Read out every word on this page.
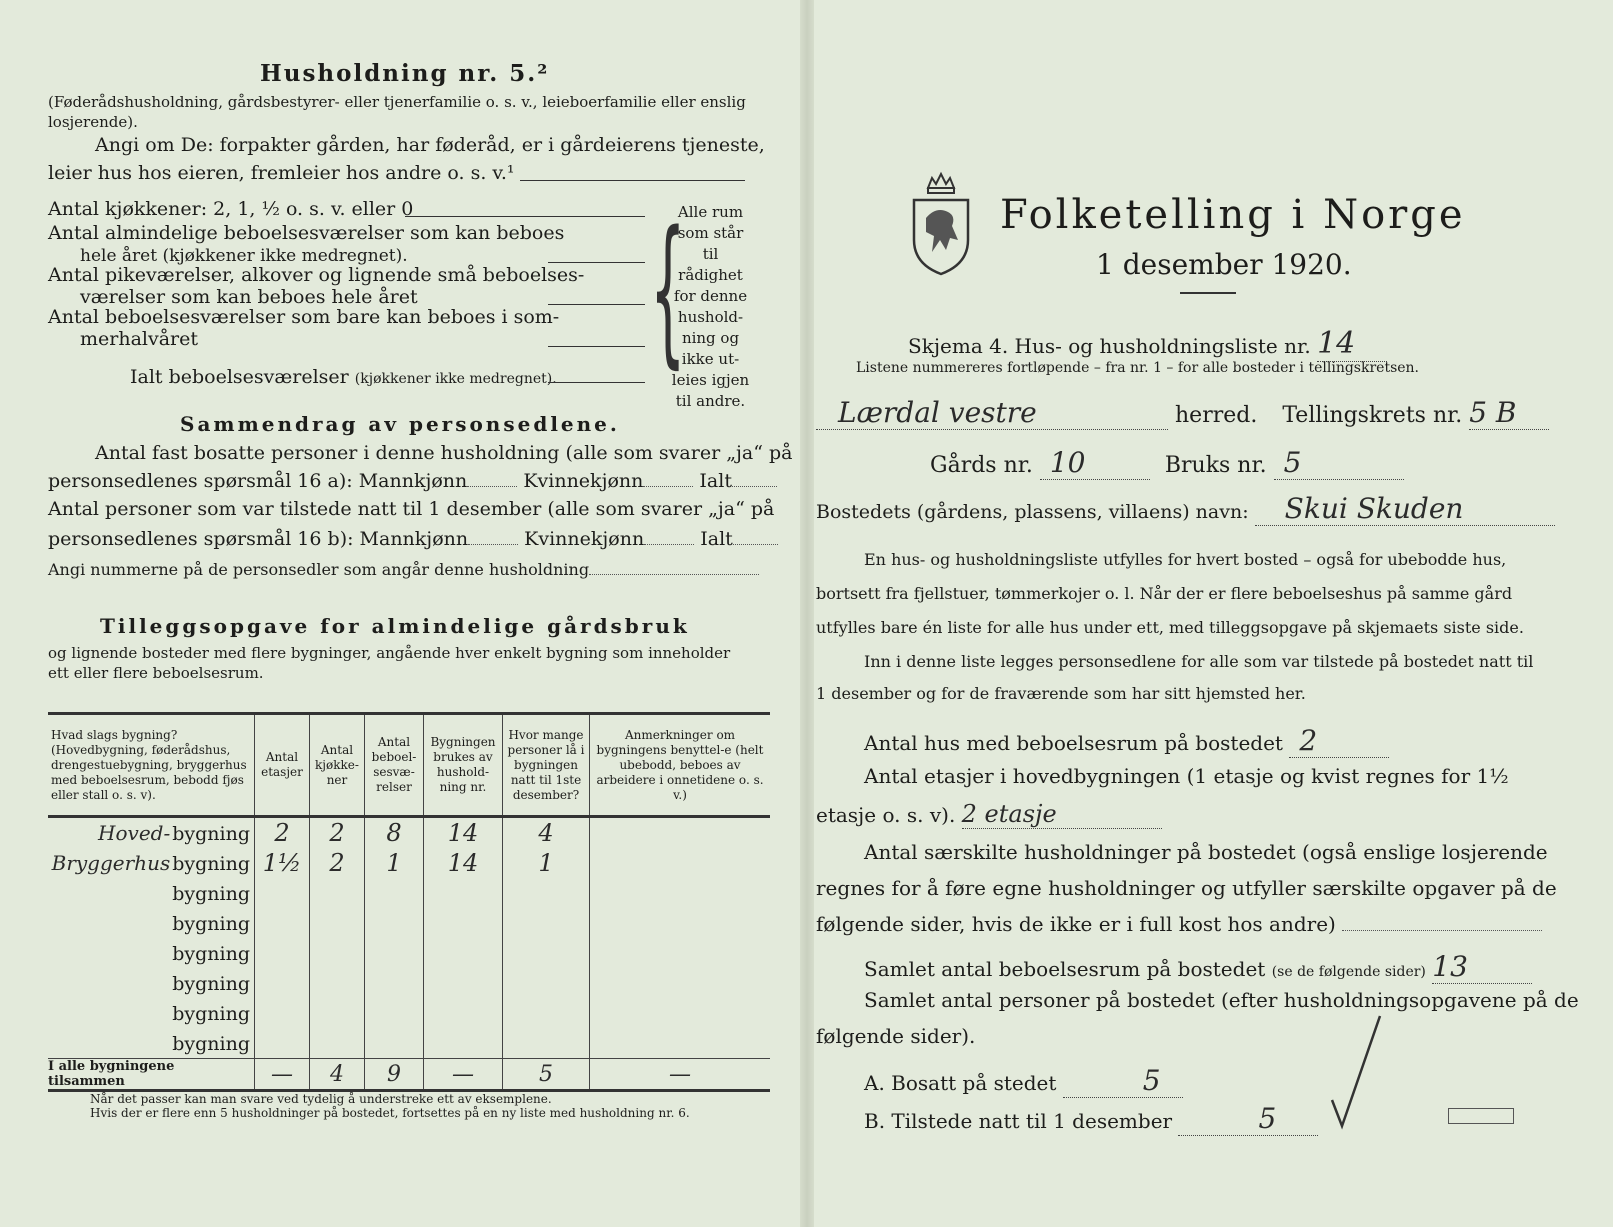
Husholdning nr. 5.²
(Føderådshusholdning, gårdsbestyrer- eller tjenerfamilie o. s. v., leieboerfamilie eller enslig losjerende).
Angi om De: forpakter gården, har føderåd, er i gårdeierens tjeneste,
leier hus hos eieren, fremleier hos andre o. s. v.¹
Antal kjøkkener: 2, 1, ½ o. s. v. eller 0
Antal almindelige beboelsesværelser som kan beboes
hele året (kjøkkener ikke medregnet).
Antal pikeværelser, alkover og lignende små beboelses-
værelser som kan beboes hele året
Antal beboelsesværelser som bare kan beboes i som-
merhalvåret
Ialt beboelsesværelser (kjøkkener ikke medregnet). {
Alle rum
som står til
rådighet
for denne
hushold-
ning og
ikke ut-
leies igjen
til andre.
Sammendrag av personsedlene.
Antal fast bosatte personer i denne husholdning (alle som svarer „ja“ på
personsedlenes spørsmål 16 a): Mannkjønn	Kvinnekjønn	Ialt
Antal personer som var tilstede natt til 1 desember (alle som svarer „ja“ på
personsedlenes spørsmål 16 b): Mannkjønn	Kvinnekjønn	Ialt
Angi nummerne på de personsedler som angår denne husholdning
Tilleggsopgave for almindelige gårdsbruk
og lignende bosteder med flere bygninger, angående hver enkelt bygning som inneholder
ett eller flere beboelsesrum.
Hvad slags bygning? (Hovedbygning, føderådshus, drengestuebygning, bryggerhus med beboelsesrum, bebodd fjøs eller stall o. s. v).	Antal etasjer	Antal kjøkke-ner	Antal beboel-sesvæ-relser	Bygningen brukes av hushold-ning nr.	Hvor mange personer lå i bygningen natt til 1ste desember?	Anmerkninger om bygningens benyttel-e (helt ubebodd, beboes av arbeidere i onnetidene o. s. v.)
Hoved- bygning	2	2	8	14	4	
Bryggerhus bygning	1½	2	1	14	1	
bygning						
bygning						
bygning						
bygning						
bygning						
bygning						
I alle bygningene tilsammen	—	4	9	—	5	—
Når det passer kan man svare ved tydelig å understreke ett av eksemplene.
Hvis der er flere enn 5 husholdninger på bostedet, fortsettes på en ny liste med husholdning nr. 6.
Folketelling i Norge
1 desember 1920.
Skjema 4. Hus- og husholdningsliste nr. 14
Listene nummereres fortløpende – fra nr. 1 – for alle bosteder i tellingskretsen.
Lærdal vestre	herred. Tellingskrets nr. 5 B
Gårds nr. 10	Bruks nr. 5
Bostedets (gårdens, plassens, villaens) navn: Skui Skuden
En hus- og husholdningsliste utfylles for hvert bosted – også for ubebodde hus,
bortsett fra fjellstuer, tømmerkojer o. l. Når der er flere beboelseshus på samme gård
utfylles bare én liste for alle hus under ett, med tilleggsopgave på skjemaets siste side.
Inn i denne liste legges personsedlene for alle som var tilstede på bostedet natt til
1 desember og for de fraværende som har sitt hjemsted her.
Antal hus med beboelsesrum på bostedet 2
Antal etasjer i hovedbygningen (1 etasje og kvist regnes for 1½
etasje o. s. v). 2 etasje
Antal særskilte husholdninger på bostedet (også enslige losjerende
regnes for å føre egne husholdninger og utfyller særskilte opgaver på de
følgende sider, hvis de ikke er i full kost hos andre)
Samlet antal beboelsesrum på bostedet (se de følgende sider) 13
Samlet antal personer på bostedet (efter husholdningsopgavene på de
følgende sider).
A. Bosatt på stedet	5
B. Tilstede natt til 1 desember	5
